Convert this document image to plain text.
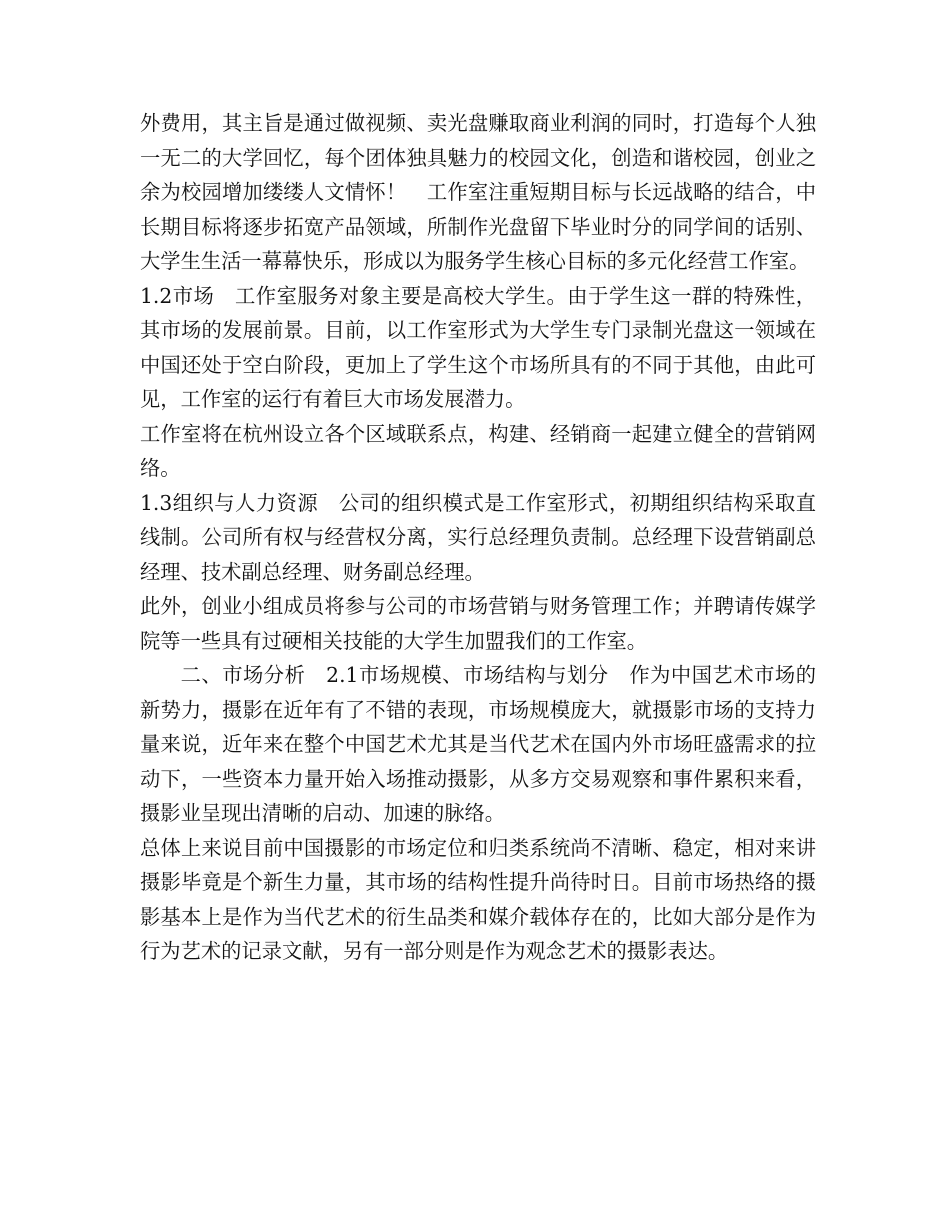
外费用，其主旨是通过做视频、卖光盘赚取商业利润的同时，打造每个人独一无二的大学回忆，每个团体独具魅力的校园文化，创造和谐校园，创业之余为校园增加缕缕人文情怀！　工作室注重短期目标与长远战略的结合，中长期目标将逐步拓宽产品领域，所制作光盘留下毕业时分的同学间的话别、大学生生活一幕幕快乐，形成以为服务学生核心目标的多元化经营工作室。

1.2市场　工作室服务对象主要是高校大学生。由于学生这一群的特殊性，其市场的发展前景。目前，以工作室形式为大学生专门录制光盘这一领域在中国还处于空白阶段，更加上了学生这个市场所具有的不同于其他，由此可见，工作室的运行有着巨大市场发展潜力。

工作室将在杭州设立各个区域联系点，构建、经销商一起建立健全的营销网络。

1.3组织与人力资源　公司的组织模式是工作室形式，初期组织结构采取直线制。公司所有权与经营权分离，实行总经理负责制。总经理下设营销副总经理、技术副总经理、财务副总经理。

此外，创业小组成员将参与公司的市场营销与财务管理工作；并聘请传媒学院等一些具有过硬相关技能的大学生加盟我们的工作室。

二、市场分析　2.1市场规模、市场结构与划分　作为中国艺术市场的新势力，摄影在近年有了不错的表现，市场规模庞大，就摄影市场的支持力量来说，近年来在整个中国艺术尤其是当代艺术在国内外市场旺盛需求的拉动下，一些资本力量开始入场推动摄影，从多方交易观察和事件累积来看，摄影业呈现出清晰的启动、加速的脉络。

总体上来说目前中国摄影的市场定位和归类系统尚不清晰、稳定，相对来讲摄影毕竟是个新生力量，其市场的结构性提升尚待时日。目前市场热络的摄影基本上是作为当代艺术的衍生品类和媒介载体存在的，比如大部分是作为行为艺术的记录文献，另有一部分则是作为观念艺术的摄影表达。
